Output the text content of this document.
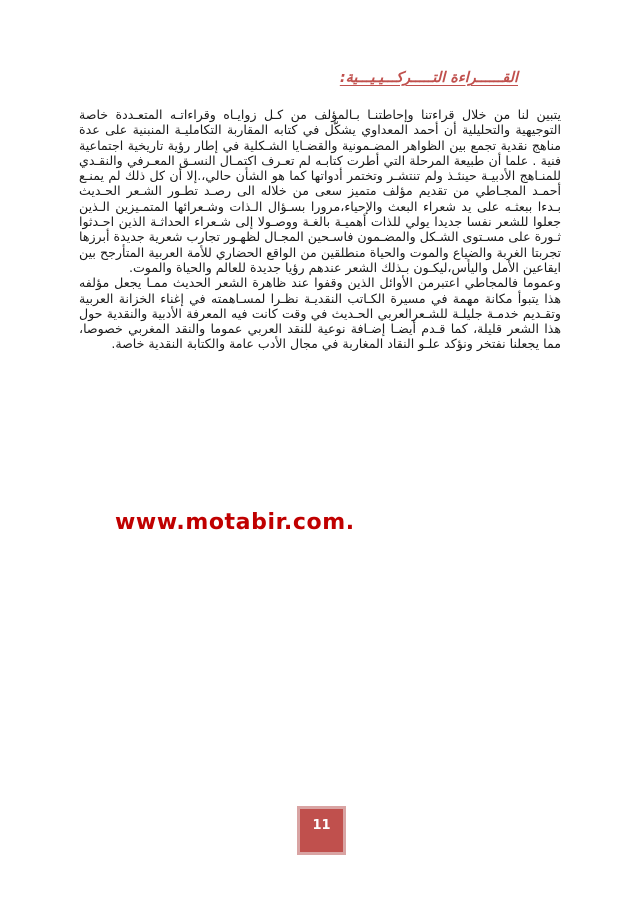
القــــــراءة التـــــركـــيـيـــية:

يتبين لنا من خلال قراءتنا وإحاطتنـا بـالمؤلف من كـل زوايـاه وقراءاتـه المتعـددة خاصة التوجيهية والتحليلية أن أحمد المعداوي يشكّل في كتابه المقاربة التكامليـة المنبنية على عدة مناهج نقدية تجمع بين الظواهر المضـمونية والقضـايا الشـكلية في إطار رؤية تاريخية اجتماعية فنية . علما أن طبيعة المرحلة التي أطرت كتابـه لم تعـرف اكتمـال النسـق المعـرفي والنقـدي للمنـاهج الأدبيـة حينئـذ ولم تنتشـر وتختمر أدواتها كما هو الشأن حالي،.إلا أن كل ذلك لم يمنـع أحمـد المجـاطي من تقديم مؤلف متميز سعى من خلاله الى رصـد تطـور الشـعر الحـديث بـدءا ببعثـه على يد شعراء البعث والإحياء،مرورا بسـؤال الـذات وشـعرائها المتمـيزين الـذين جعلوا للشعر نفسا جديدا يولي للذات أهميـة بالغـة ووصـولا إلى شـعراء الحداثـة الذين احـدثوا ثـورة على مسـتوى الشـكل والمضـمون فاسـحين المجـال لظهـور تجارب شعرية جديدة أبرزها تجربتا الغربة والضياع والموت والحياة منطلقين من الواقع الحضاري للأمة العربية المتأرجح بين ايقاعين الأمل واليأس،ليكـون بـذلك الشعر عندهم رؤيا جديدة للعالم والحياة والموت.

وعموما فالمجاطي اعتبرمن الأوائل الذين وقفوا عند ظاهرة الشعر الحديث ممـا يجعل مؤلفه هذا يتبوأ مكانة مهمة في مسيرة الكـاتب النقديـة نظـرا لمسـاهمته في إغناء الخزانة العربية وتقـديم خدمـة جليلـة للشـعرالعربي الحـديث في وقت كانت فيه المعرفة الأدبية والنقدية حول هذا الشعر قليلة، كما قـدم أيضـا إضـافة نوعية للنقد العربي عموما والنقد المغربي خصوصا، مما يجعلنا نفتخر ونؤكد علـو النقاد المغاربة في مجال الأدب عامة والكتابة النقدية خاصة.

www.motabir.com.
11
